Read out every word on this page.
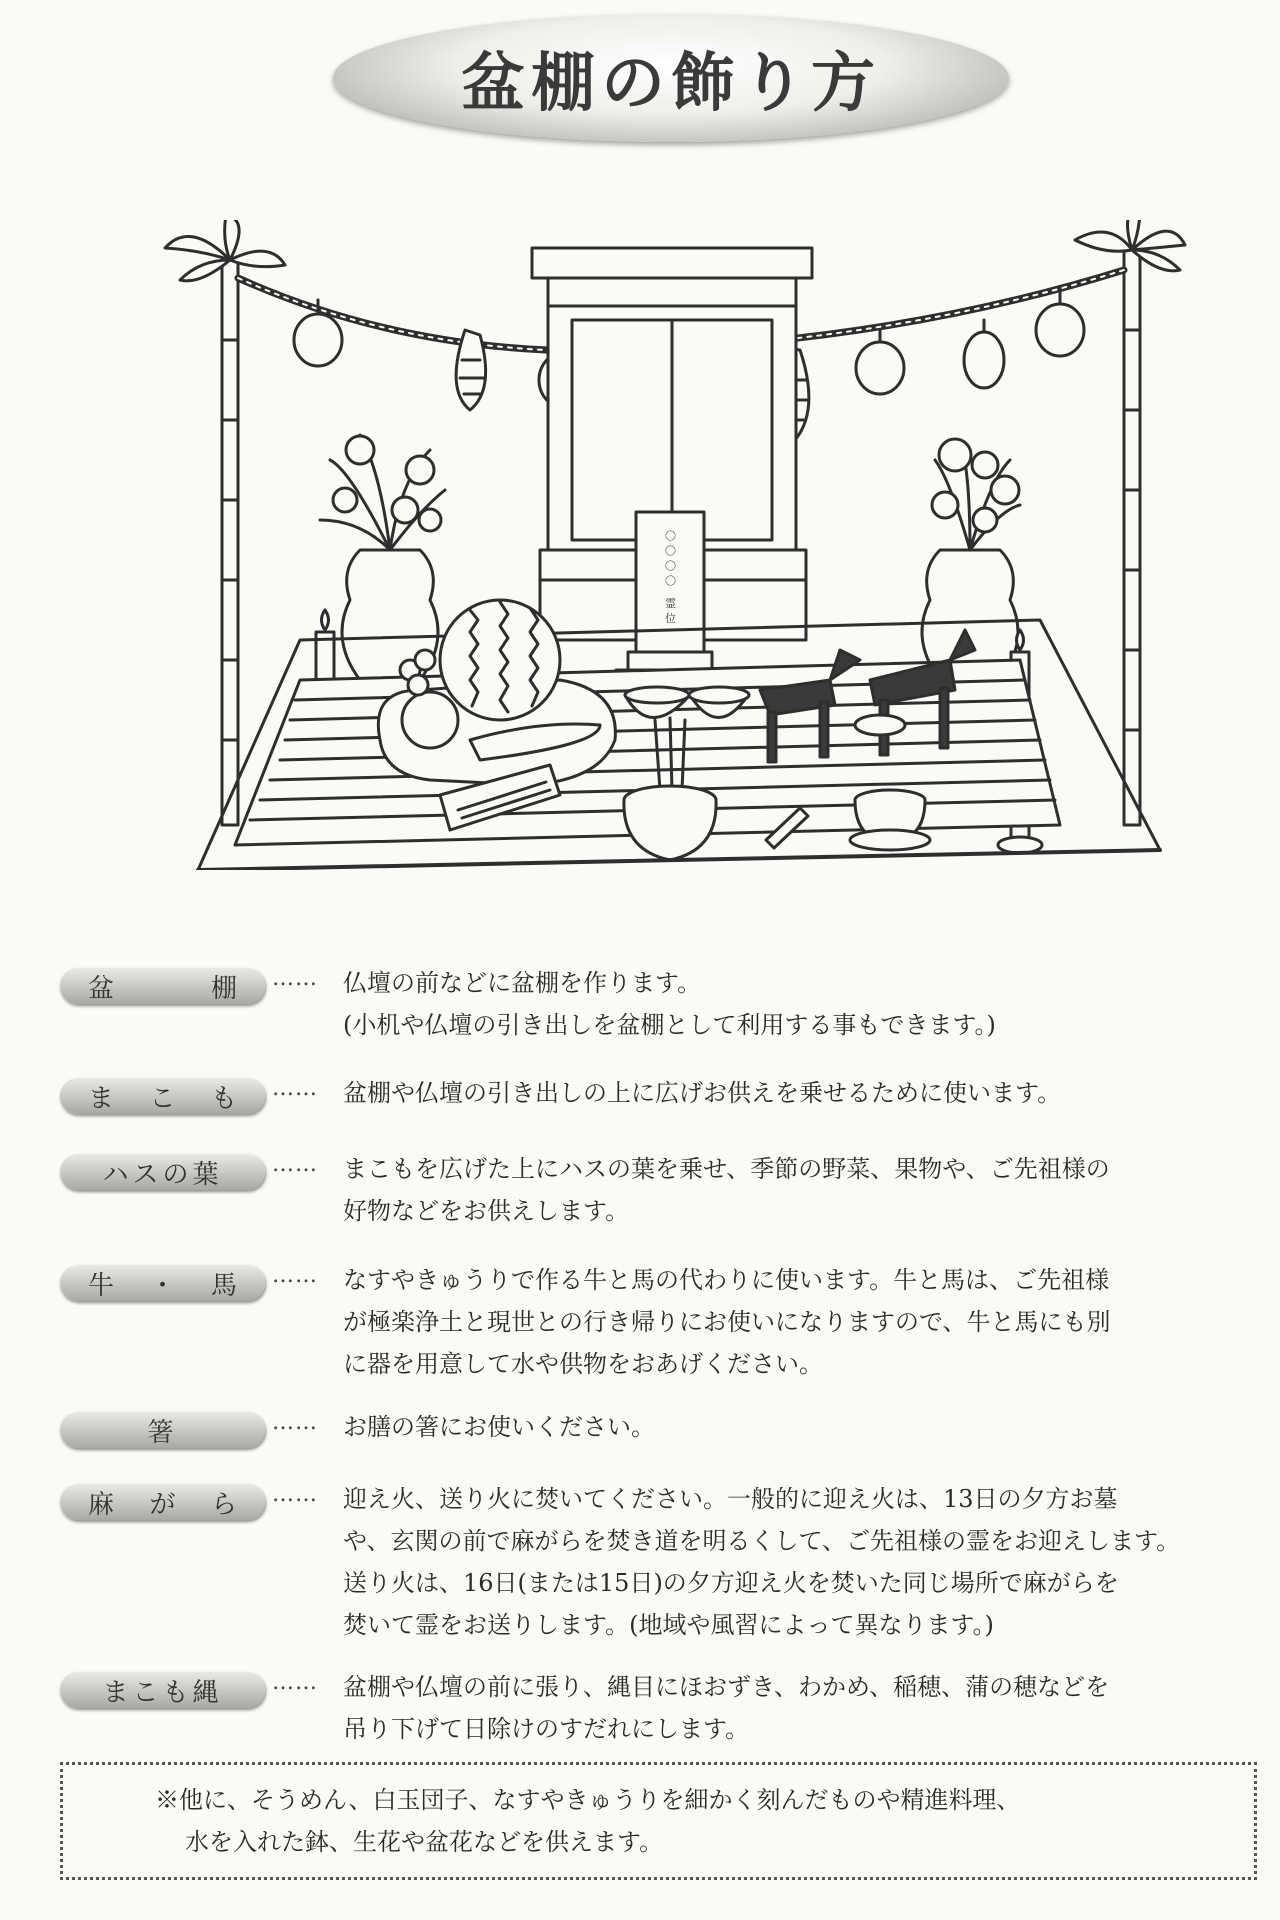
盆棚の飾り方
〇〇〇〇 霊位
盆	棚 …… 仏壇の前などに盆棚を作ります。

(小机や仏壇の引き出しを盆棚として利用する事もできます。)

ま こ も …… 盆棚や仏壇の引き出しの上に広げお供えを乗せるために使います。

ハスの葉 …… まこもを広げた上にハスの葉を乗せ、季節の野菜、果物や、ご先祖様の

好物などをお供えします。

牛 ・ 馬 …… なすやきゅうりで作る牛と馬の代わりに使います。牛と馬は、ご先祖様

が極楽浄土と現世との行き帰りにお使いになりますので、牛と馬にも別

に器を用意して水や供物をおあげください。

箸	…… お膳の箸にお使いください。

麻 が ら …… 迎え火、送り火に焚いてください。一般的に迎え火は、13日の夕方お墓

や、玄関の前で麻がらを焚き道を明るくして、ご先祖様の霊をお迎えします。

送り火は、16日(または15日)の夕方迎え火を焚いた同じ場所で麻がらを

焚いて霊をお送りします。(地域や風習によって異なります。)

まこも縄 …… 盆棚や仏壇の前に張り、縄目にほおずき、わかめ、稲穂、蒲の穂などを

吊り下げて日除けのすだれにします。

※他に、そうめん、白玉団子、なすやきゅうりを細かく刻んだものや精進料理、

水を入れた鉢、生花や盆花などを供えます。
